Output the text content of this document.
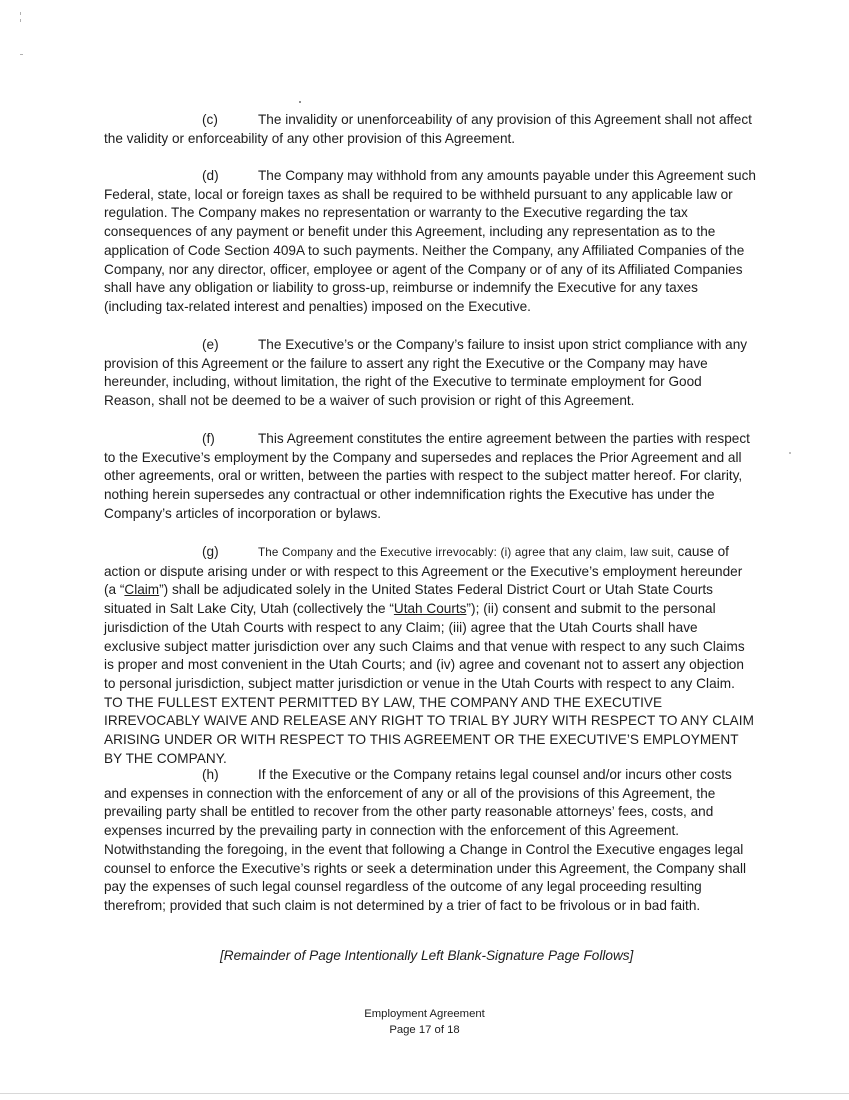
(c)	The invalidity or unenforceability of any provision of this Agreement shall not affect the validity or enforceability of any other provision of this Agreement.

(d)	The Company may withhold from any amounts payable under this Agreement such Federal, state, local or foreign taxes as shall be required to be withheld pursuant to any applicable law or regulation. The Company makes no representation or warranty to the Executive regarding the tax consequences of any payment or benefit under this Agreement, including any representation as to the application of Code Section 409A to such payments. Neither the Company, any Affiliated Companies of the Company, nor any director, officer, employee or agent of the Company or of any of its Affiliated Companies shall have any obligation or liability to gross-up, reimburse or indemnify the Executive for any taxes (including tax-related interest and penalties) imposed on the Executive.

(e)	The Executive’s or the Company’s failure to insist upon strict compliance with any provision of this Agreement or the failure to assert any right the Executive or the Company may have hereunder, including, without limitation, the right of the Executive to terminate employment for Good Reason, shall not be deemed to be a waiver of such provision or right of this Agreement.

(f)	This Agreement constitutes the entire agreement between the parties with respect to the Executive’s employment by the Company and supersedes and replaces the Prior Agreement and all other agreements, oral or written, between the parties with respect to the subject matter hereof. For clarity, nothing herein supersedes any contractual or other indemnification rights the Executive has under the Company’s articles of incorporation or bylaws.

(g)	The Company and the Executive irrevocably: (i) agree that any claim, law suit, cause of action or dispute arising under or with respect to this Agreement or the Executive’s employment hereunder (a “Claim”) shall be adjudicated solely in the United States Federal District Court or Utah State Courts situated in Salt Lake City, Utah (collectively the “Utah Courts”); (ii) consent and submit to the personal jurisdiction of the Utah Courts with respect to any Claim; (iii) agree that the Utah Courts shall have exclusive subject matter jurisdiction over any such Claims and that venue with respect to any such Claims is proper and most convenient in the Utah Courts; and (iv) agree and covenant not to assert any objection to personal jurisdiction, subject matter jurisdiction or venue in the Utah Courts with respect to any Claim. TO THE FULLEST EXTENT PERMITTED BY LAW, THE COMPANY AND THE EXECUTIVE IRREVOCABLY WAIVE AND RELEASE ANY RIGHT TO TRIAL BY JURY WITH RESPECT TO ANY CLAIM ARISING UNDER OR WITH RESPECT TO THIS AGREEMENT OR THE EXECUTIVE’S EMPLOYMENT BY THE COMPANY.

(h)	If the Executive or the Company retains legal counsel and/or incurs other costs and expenses in connection with the enforcement of any or all of the provisions of this Agreement, the prevailing party shall be entitled to recover from the other party reasonable attorneys’ fees, costs, and expenses incurred by the prevailing party in connection with the enforcement of this Agreement. Notwithstanding the foregoing, in the event that following a Change in Control the Executive engages legal counsel to enforce the Executive’s rights or seek a determination under this Agreement, the Company shall pay the expenses of such legal counsel regardless of the outcome of any legal proceeding resulting therefrom; provided that such claim is not determined by a trier of fact to be frivolous or in bad faith.

[Remainder of Page Intentionally Left Blank-Signature Page Follows]

Employment Agreement
Page 17 of 18
